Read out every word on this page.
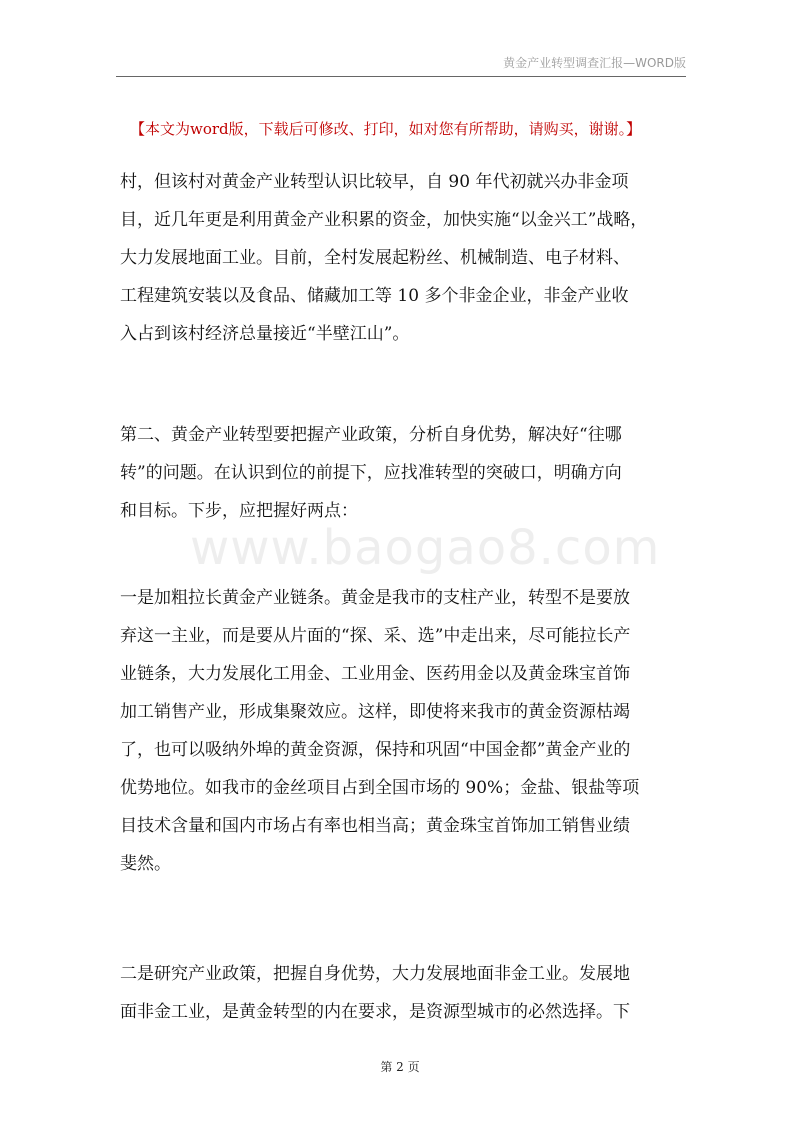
黄金产业转型调查汇报—WORD版
【本文为word版，下载后可修改、打印，如对您有所帮助，请购买，谢谢。】
www.baogao8.com
村，但该村对黄金产业转型认识比较早，自 90 年代初就兴办非金项
目，近几年更是利用黄金产业积累的资金，加快实施“以金兴工”战略，
大力发展地面工业。目前，全村发展起粉丝、机械制造、电子材料、
工程建筑安装以及食品、储藏加工等 10 多个非金企业，非金产业收
入占到该村经济总量接近“半壁江山”。
第二、黄金产业转型要把握产业政策，分析自身优势，解决好“往哪
转”的问题。在认识到位的前提下，应找准转型的突破口，明确方向
和目标。下步，应把握好两点：
一是加粗拉长黄金产业链条。黄金是我市的支柱产业，转型不是要放
弃这一主业，而是要从片面的“探、采、选”中走出来，尽可能拉长产
业链条，大力发展化工用金、工业用金、医药用金以及黄金珠宝首饰
加工销售产业，形成集聚效应。这样，即使将来我市的黄金资源枯竭
了，也可以吸纳外埠的黄金资源，保持和巩固“中国金都”黄金产业的
优势地位。如我市的金丝项目占到全国市场的 90%；金盐、银盐等项
目技术含量和国内市场占有率也相当高；黄金珠宝首饰加工销售业绩
斐然。
二是研究产业政策，把握自身优势，大力发展地面非金工业。发展地
面非金工业，是黄金转型的内在要求，是资源型城市的必然选择。下
第 2 页
